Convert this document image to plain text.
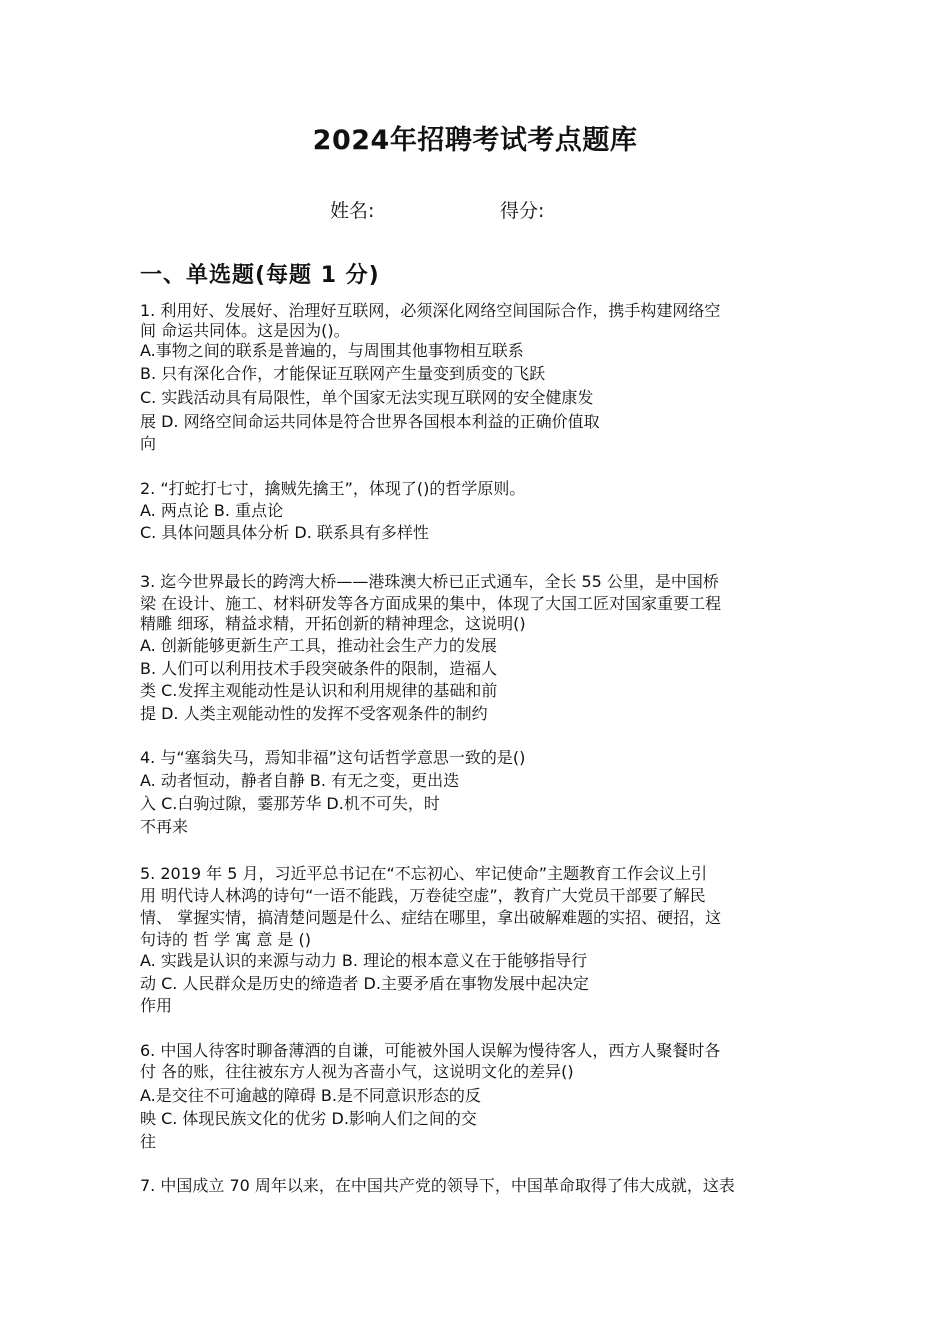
2024年招聘考试考点题库
姓名:	得分:
一、单选题(每题 1 分)
1. 利用好、发展好、治理好互联网，必须深化网络空间国际合作，携手构建网络空
间 命运共同体。这是因为()。
A.事物之间的联系是普遍的，与周围其他事物相互联系
B. 只有深化合作，才能保证互联网产生量变到质变的飞跃
C. 实践活动具有局限性，单个国家无法实现互联网的安全健康发
展 D. 网络空间命运共同体是符合世界各国根本利益的正确价值取
向
2. “打蛇打七寸，擒贼先擒王”，体现了()的哲学原则。
A. 两点论 B. 重点论
C. 具体问题具体分析 D. 联系具有多样性
3. 迄今世界最长的跨湾大桥——港珠澳大桥已正式通车，全长 55 公里，是中国桥
梁 在设计、施工、材料研发等各方面成果的集中，体现了大国工匠对国家重要工程
精雕 细琢，精益求精，开拓创新的精神理念，这说明()
A. 创新能够更新生产工具，推动社会生产力的发展
B. 人们可以利用技术手段突破条件的限制，造福人
类 C.发挥主观能动性是认识和利用规律的基础和前
提 D. 人类主观能动性的发挥不受客观条件的制约
4. 与“塞翁失马，焉知非福”这句话哲学意思一致的是()
A. 动者恒动，静者自静 B. 有无之变，更出迭
入 C.白驹过隙，霎那芳华 D.机不可失，时
不再来
5. 2019 年 5 月，习近平总书记在“不忘初心、牢记使命”主题教育工作会议上引
用 明代诗人林鸿的诗句“一语不能践，万卷徒空虚”，教育广大党员干部要了解民
情、 掌握实情，搞清楚问题是什么、症结在哪里，拿出破解难题的实招、硬招，这
句诗的 哲 学 寓 意 是 ()
A. 实践是认识的来源与动力 B. 理论的根本意义在于能够指导行
动 C. 人民群众是历史的缔造者 D.主要矛盾在事物发展中起决定
作用
6. 中国人待客时聊备薄酒的自谦，可能被外国人误解为慢待客人，西方人聚餐时各
付 各的账，往往被东方人视为吝啬小气，这说明文化的差异()
A.是交往不可逾越的障碍 B.是不同意识形态的反
映 C. 体现民族文化的优劣 D.影响人们之间的交
往
7. 中国成立 70 周年以来，在中国共产党的领导下，中国革命取得了伟大成就，这表
